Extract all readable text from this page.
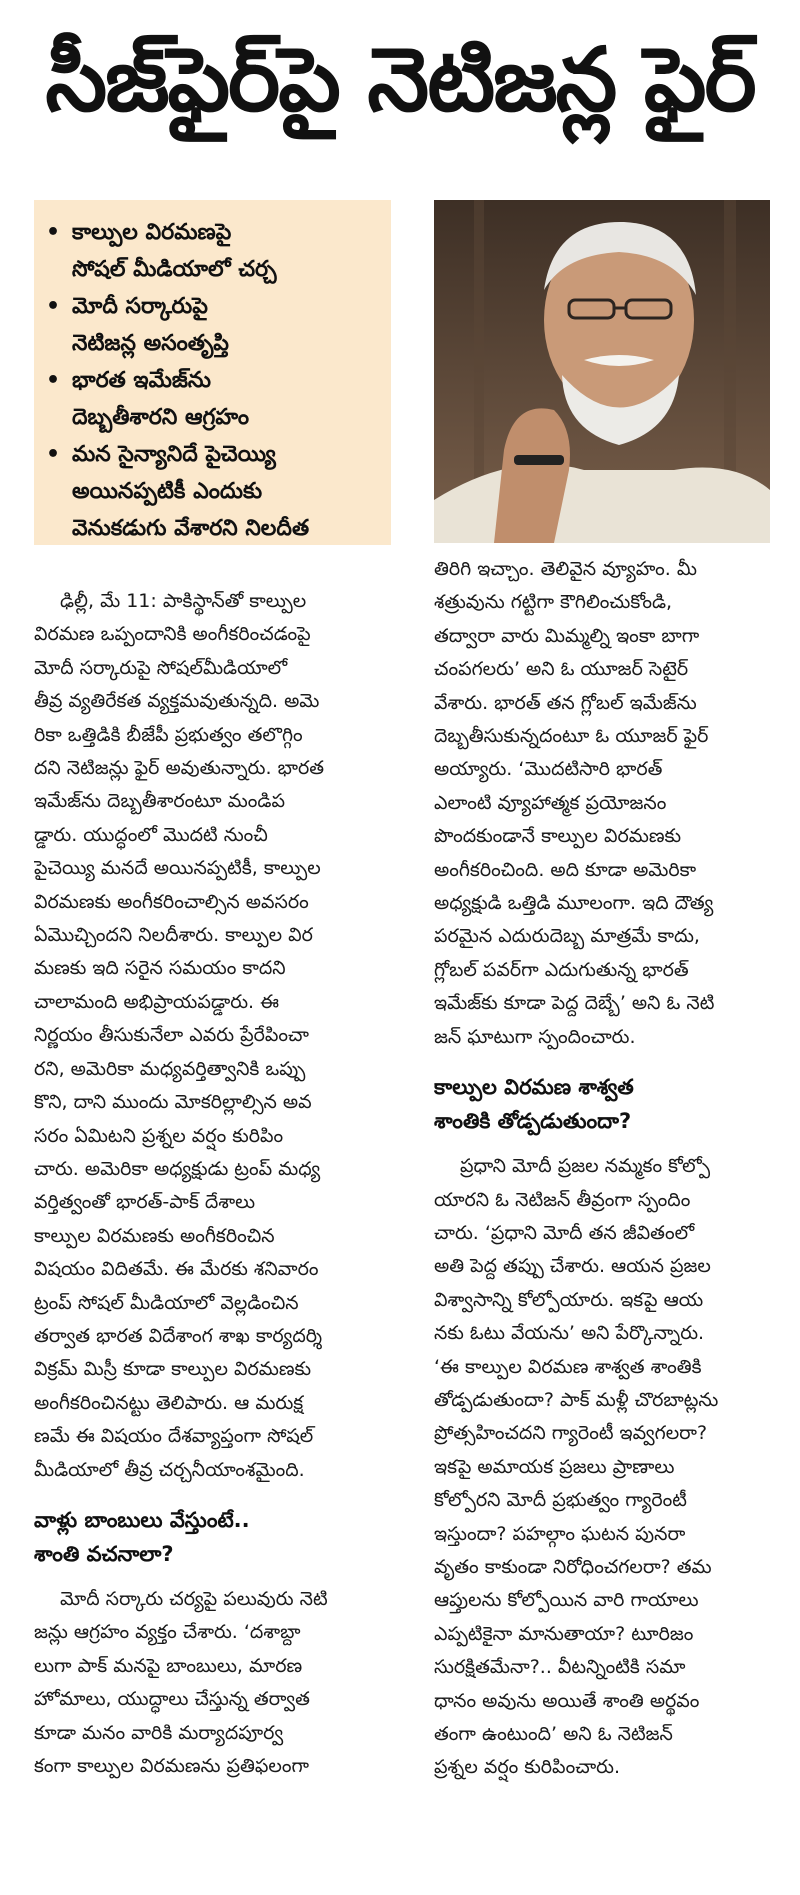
సీజ్‌ఫైర్‌పై నెటిజన్ల ఫైర్
• కాల్పుల విరమణపై
సోషల్‌ మీడియాలో చర్చ
• మోదీ సర్కారుపై
నెటిజన్ల అసంతృప్తి
• భారత ఇమేజ్‌ను
దెబ్బతీశారని ఆగ్రహం
• మన సైన్యానిదే పైచెయ్యి
అయినప్పటికీ ఎందుకు
వెనుకడుగు వేశారని నిలదీత

ఢిల్లీ, మే 11: పాకిస్థాన్‌తో కాల్పుల
విరమణ ఒప్పందానికి అంగీకరించడంపై
మోదీ సర్కారుపై సోషల్‌మీడియాలో
తీవ్ర వ్యతిరేకత వ్యక్తమవుతున్నది. అమె
రికా ఒత్తిడికి బీజేపీ ప్రభుత్వం తలొగ్గిం
దని నెటిజన్లు ఫైర్‌ అవుతున్నారు. భారత
ఇమేజ్‌ను దెబ్బతీశారంటూ మండిప
డ్డారు. యుద్ధంలో మొదటి నుంచీ
పైచెయ్యి మనదే అయినప్పటికీ, కాల్పుల
విరమణకు అంగీకరించాల్సిన అవసరం
ఏమొచ్చిందని నిలదీశారు. కాల్పుల విర
మణకు ఇది సరైన సమయం కాదని
చాలామంది అభిప్రాయపడ్డారు. ఈ
నిర్ణయం తీసుకునేలా ఎవరు ప్రేరేపించా
రని, అమెరికా మధ్యవర్తిత్వానికి ఒప్పు
కొని, దాని ముందు మోకరిల్లాల్సిన అవ
సరం ఏమిటని ప్రశ్నల వర్షం కురిపిం
చారు. అమెరికా అధ్యక్షుడు ట్రంప్‌ మధ్య
వర్తిత్వంతో భారత్‌-పాక్‌ దేశాలు
కాల్పుల విరమణకు అంగీకరించిన
విషయం విదితమే. ఈ మేరకు శనివారం
ట్రంప్‌ సోషల్‌ మీడియాలో వెల్లడించిన
తర్వాత భారత విదేశాంగ శాఖ కార్యదర్శి
విక్రమ్‌ మిస్రీ కూడా కాల్పుల విరమణకు
అంగీకరించినట్టు తెలిపారు. ఆ మరుక్ష
ణమే ఈ విషయం దేశవ్యాప్తంగా సోషల్‌
మీడియాలో తీవ్ర చర్చనీయాంశమైంది.

వాళ్లు బాంబులు వేస్తుంటే..
శాంతి వచనాలా?

మోదీ సర్కారు చర్యపై పలువురు నెటి
జన్లు ఆగ్రహం వ్యక్తం చేశారు. ‘దశాబ్దా
లుగా పాక్‌ మనపై బాంబులు, మారణ
హోమాలు, యుద్ధాలు చేస్తున్న తర్వాత
కూడా మనం వారికి మర్యాదపూర్వ
కంగా కాల్పుల విరమణను ప్రతిఫలంగా

తిరిగి ఇచ్చాం. తెలివైన వ్యూహం. మీ
శత్రువును గట్టిగా కౌగిలించుకోండి,
తద్వారా వారు మిమ్మల్ని ఇంకా బాగా
చంపగలరు’ అని ఓ యూజర్‌ సెటైర్‌
వేశారు. భారత్‌ తన గ్లోబల్‌ ఇమేజ్‌ను
దెబ్బతీసుకున్నదంటూ ఓ యూజర్‌ ఫైర్‌
అయ్యారు. ‘మొదటిసారి భారత్‌
ఎలాంటి వ్యూహాత్మక ప్రయోజనం
పొందకుండానే కాల్పుల విరమణకు
అంగీకరించింది. అది కూడా అమెరికా
అధ్యక్షుడి ఒత్తిడి మూలంగా. ఇది దౌత్య
పరమైన ఎదురుదెబ్బ మాత్రమే కాదు,
గ్లోబల్‌ పవర్‌గా ఎదుగుతున్న భారత్‌
ఇమేజ్‌కు కూడా పెద్ద దెబ్బే’ అని ఓ నెటి
జన్‌ ఘాటుగా స్పందించారు.

కాల్పుల విరమణ శాశ్వత
శాంతికి తోడ్పడుతుందా?

ప్రధాని మోదీ ప్రజల నమ్మకం కోల్పో
యారని ఓ నెటిజన్‌ తీవ్రంగా స్పందిం
చారు. ‘ప్రధాని మోదీ తన జీవితంలో
అతి పెద్ద తప్పు చేశారు. ఆయన ప్రజల
విశ్వాసాన్ని కోల్పోయారు. ఇకపై ఆయ
నకు ఓటు వేయను’ అని పేర్కొన్నారు.
‘ఈ కాల్పుల విరమణ శాశ్వత శాంతికి
తోడ్పడుతుందా? పాక్‌ మళ్లీ చొరబాట్లను
ప్రోత్సహించదని గ్యారెంటీ ఇవ్వగలరా?
ఇకపై అమాయక ప్రజలు ప్రాణాలు
కోల్పోరని మోదీ ప్రభుత్వం గ్యారెంటీ
ఇస్తుందా? పహల్గాం ఘటన పునరా
వృతం కాకుండా నిరోధించగలరా? తమ
ఆప్తులను కోల్పోయిన వారి గాయాలు
ఎప్పటికైనా మానుతాయా? టూరిజం
సురక్షితమేనా?.. వీటన్నింటికి సమా
ధానం అవును అయితే శాంతి అర్థవం
తంగా ఉంటుంది’ అని ఓ నెటిజన్‌
ప్రశ్నల వర్షం కురిపించారు.
